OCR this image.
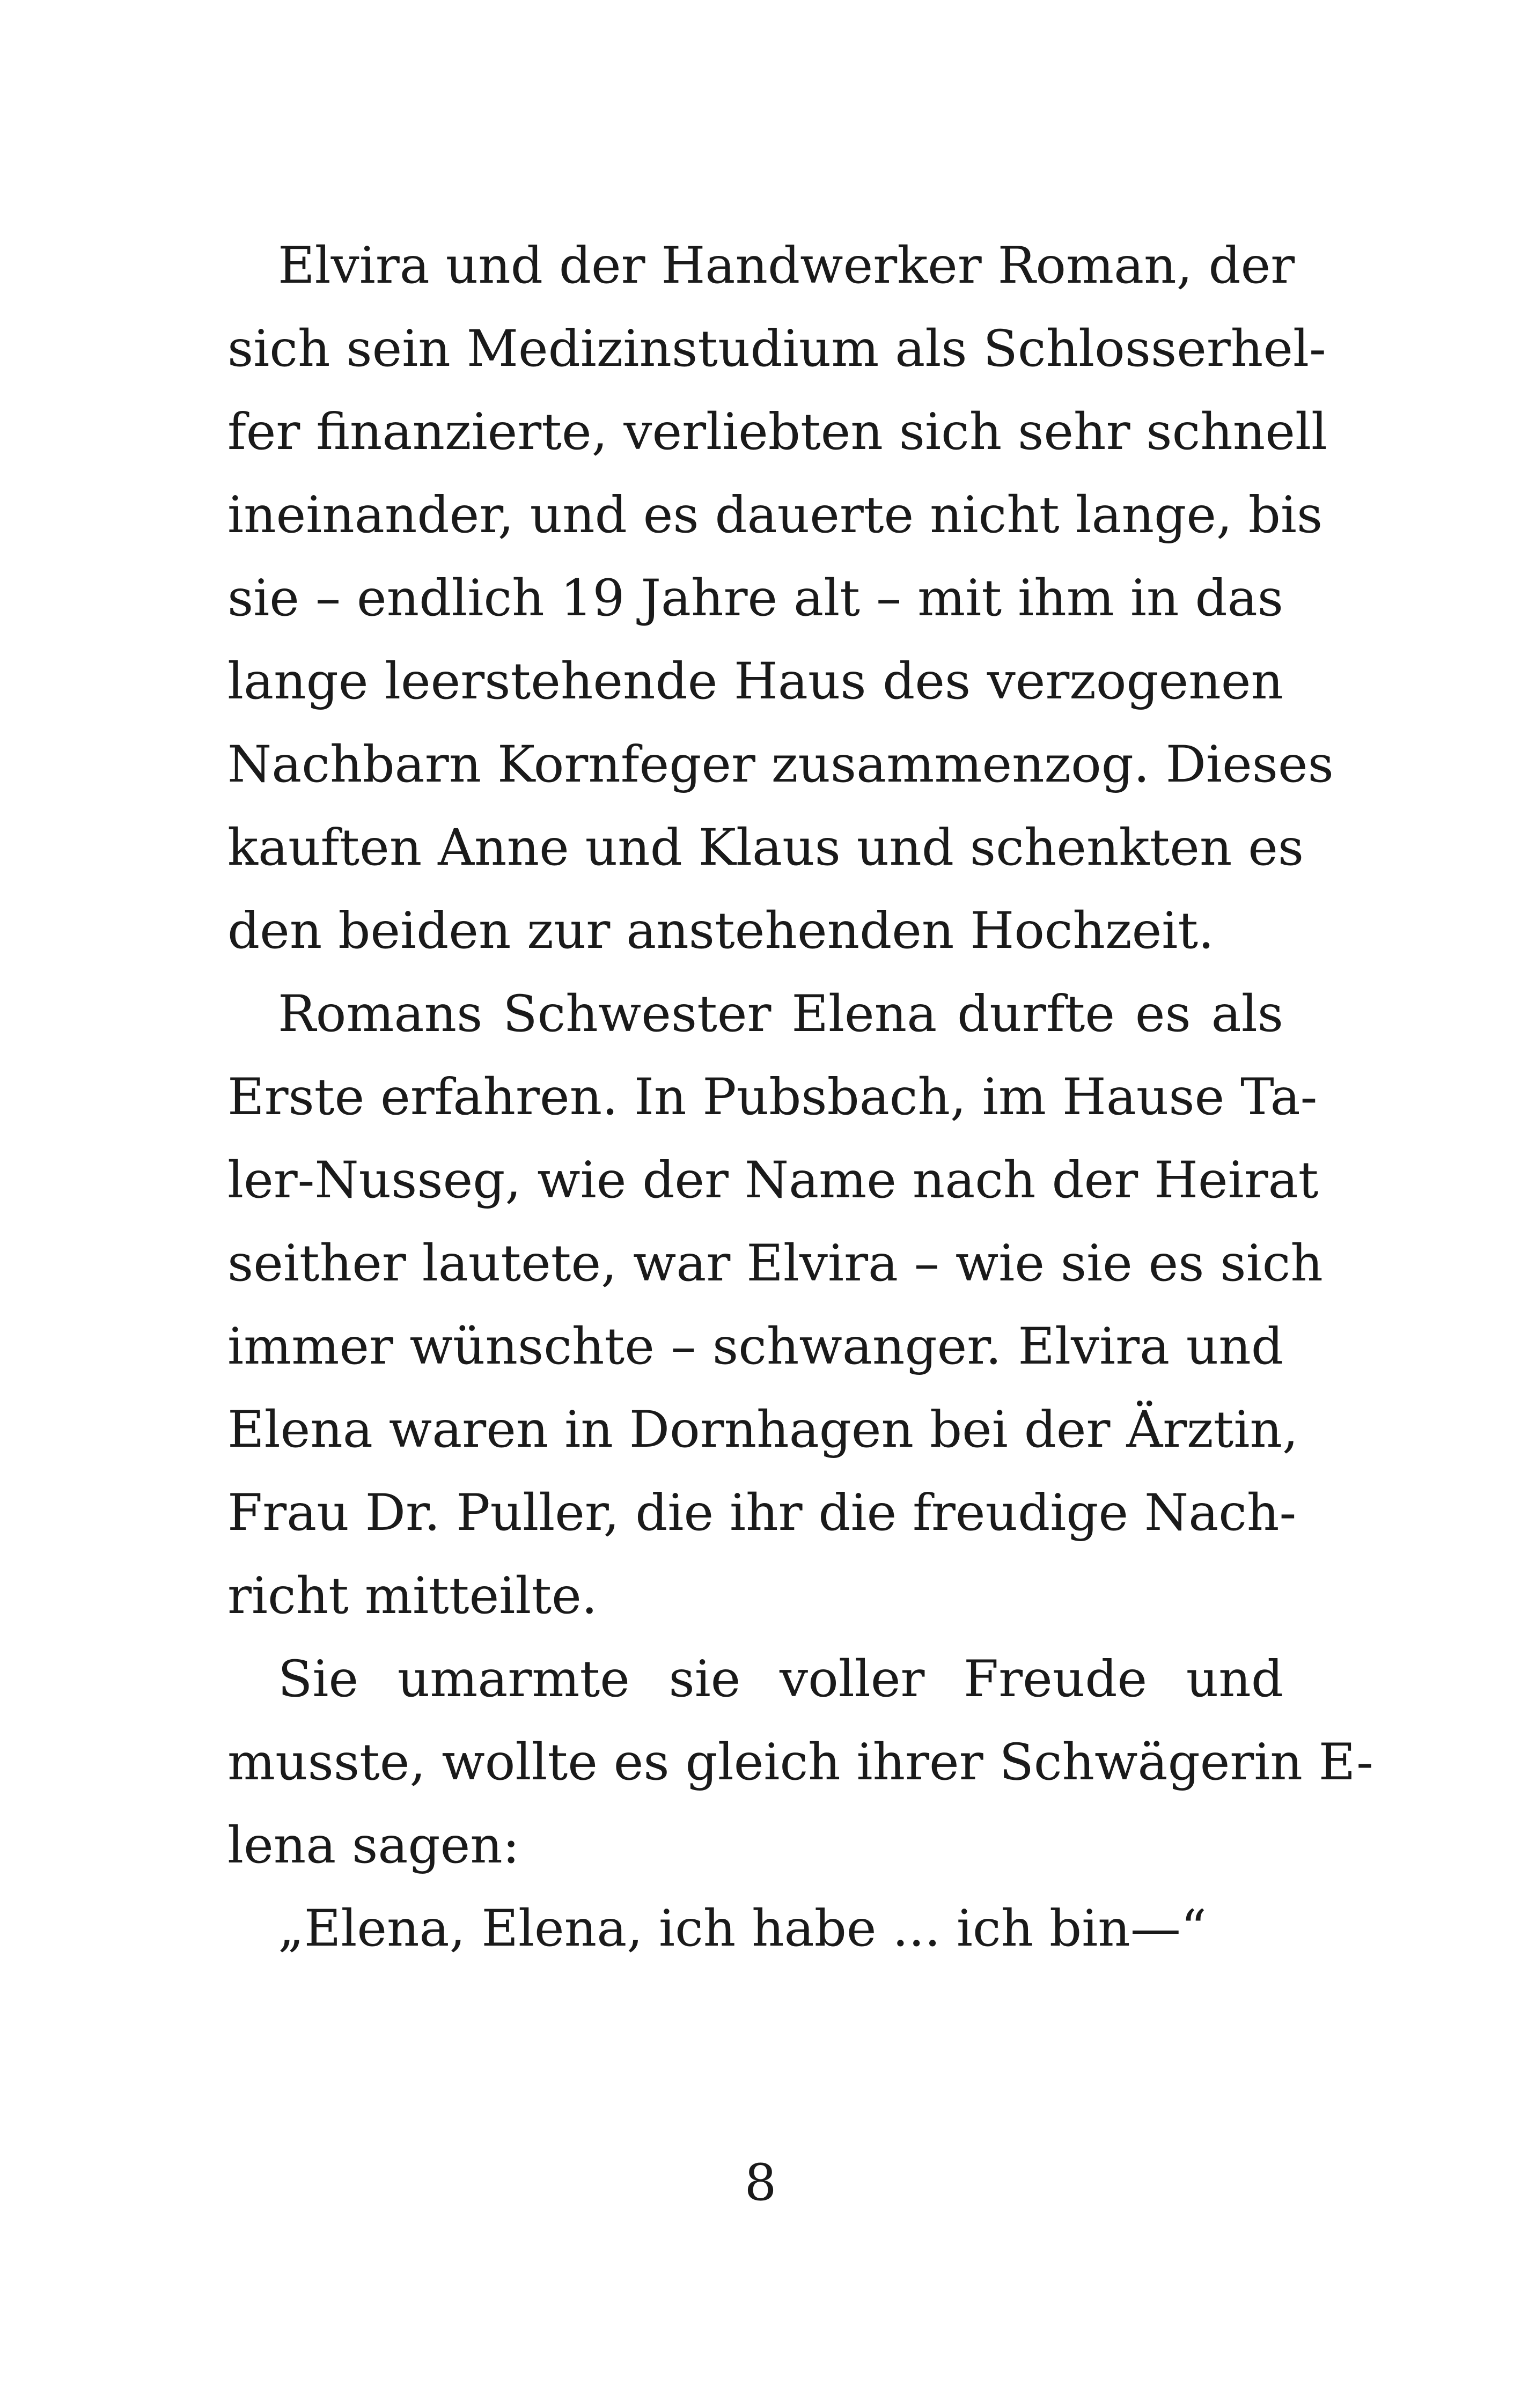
Elvira und der Handwerker Roman, der
sich sein Medizinstudium als Schlosserhel-
fer finanzierte, verliebten sich sehr schnell
ineinander, und es dauerte nicht lange, bis
sie – endlich 19 Jahre alt – mit ihm in das
lange leerstehende Haus des verzogenen
Nachbarn Kornfeger zusammenzog. Dieses
kauften Anne und Klaus und schenkten es
den beiden zur anstehenden Hochzeit.
Romans Schwester Elena durfte es als
Erste erfahren. In Pubsbach, im Hause Ta-
ler-Nusseg, wie der Name nach der Heirat
seither lautete, war Elvira – wie sie es sich
immer wünschte – schwanger. Elvira und
Elena waren in Dornhagen bei der Ärztin,
Frau Dr. Puller, die ihr die freudige Nach-
richt mitteilte.
Sie umarmte sie voller Freude und
musste, wollte es gleich ihrer Schwägerin E-
lena sagen:
„Elena, Elena, ich habe ... ich bin—“
8
